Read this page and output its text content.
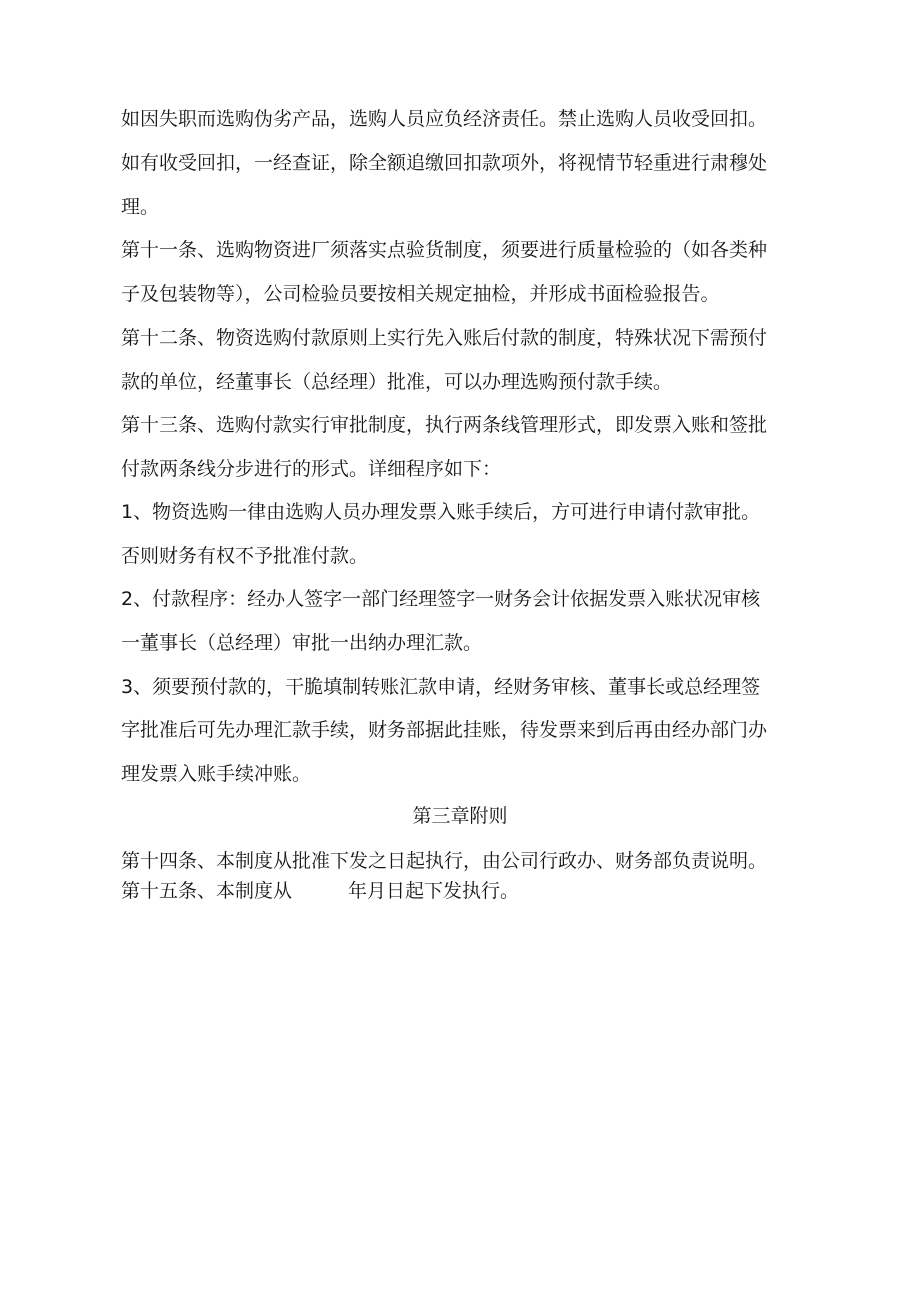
如因失职而选购伪劣产品，选购人员应负经济责任。禁止选购人员收受回扣。
如有收受回扣，一经查证，除全额追缴回扣款项外，将视情节轻重进行肃穆处
理。
第十一条、选购物资进厂须落实点验货制度，须要进行质量检验的（如各类种
子及包装物等），公司检验员要按相关规定抽检，并形成书面检验报告。
第十二条、物资选购付款原则上实行先入账后付款的制度，特殊状况下需预付
款的单位，经董事长（总经理）批准，可以办理选购预付款手续。
第十三条、选购付款实行审批制度，执行两条线管理形式，即发票入账和签批
付款两条线分步进行的形式。详细程序如下：
1、物资选购一律由选购人员办理发票入账手续后，方可进行申请付款审批。
否则财务有权不予批准付款。
2、付款程序：经办人签字一部门经理签字一财务会计依据发票入账状况审核
一董事长（总经理）审批一出纳办理汇款。
3、须要预付款的，干脆填制转账汇款申请，经财务审核、董事长或总经理签
字批准后可先办理汇款手续，财务部据此挂账，待发票来到后再由经办部门办
理发票入账手续冲账。
第三章附则
第十四条、本制度从批准下发之日起执行，由公司行政办、财务部负责说明。
第十五条、本制度从	年月日起下发执行。
